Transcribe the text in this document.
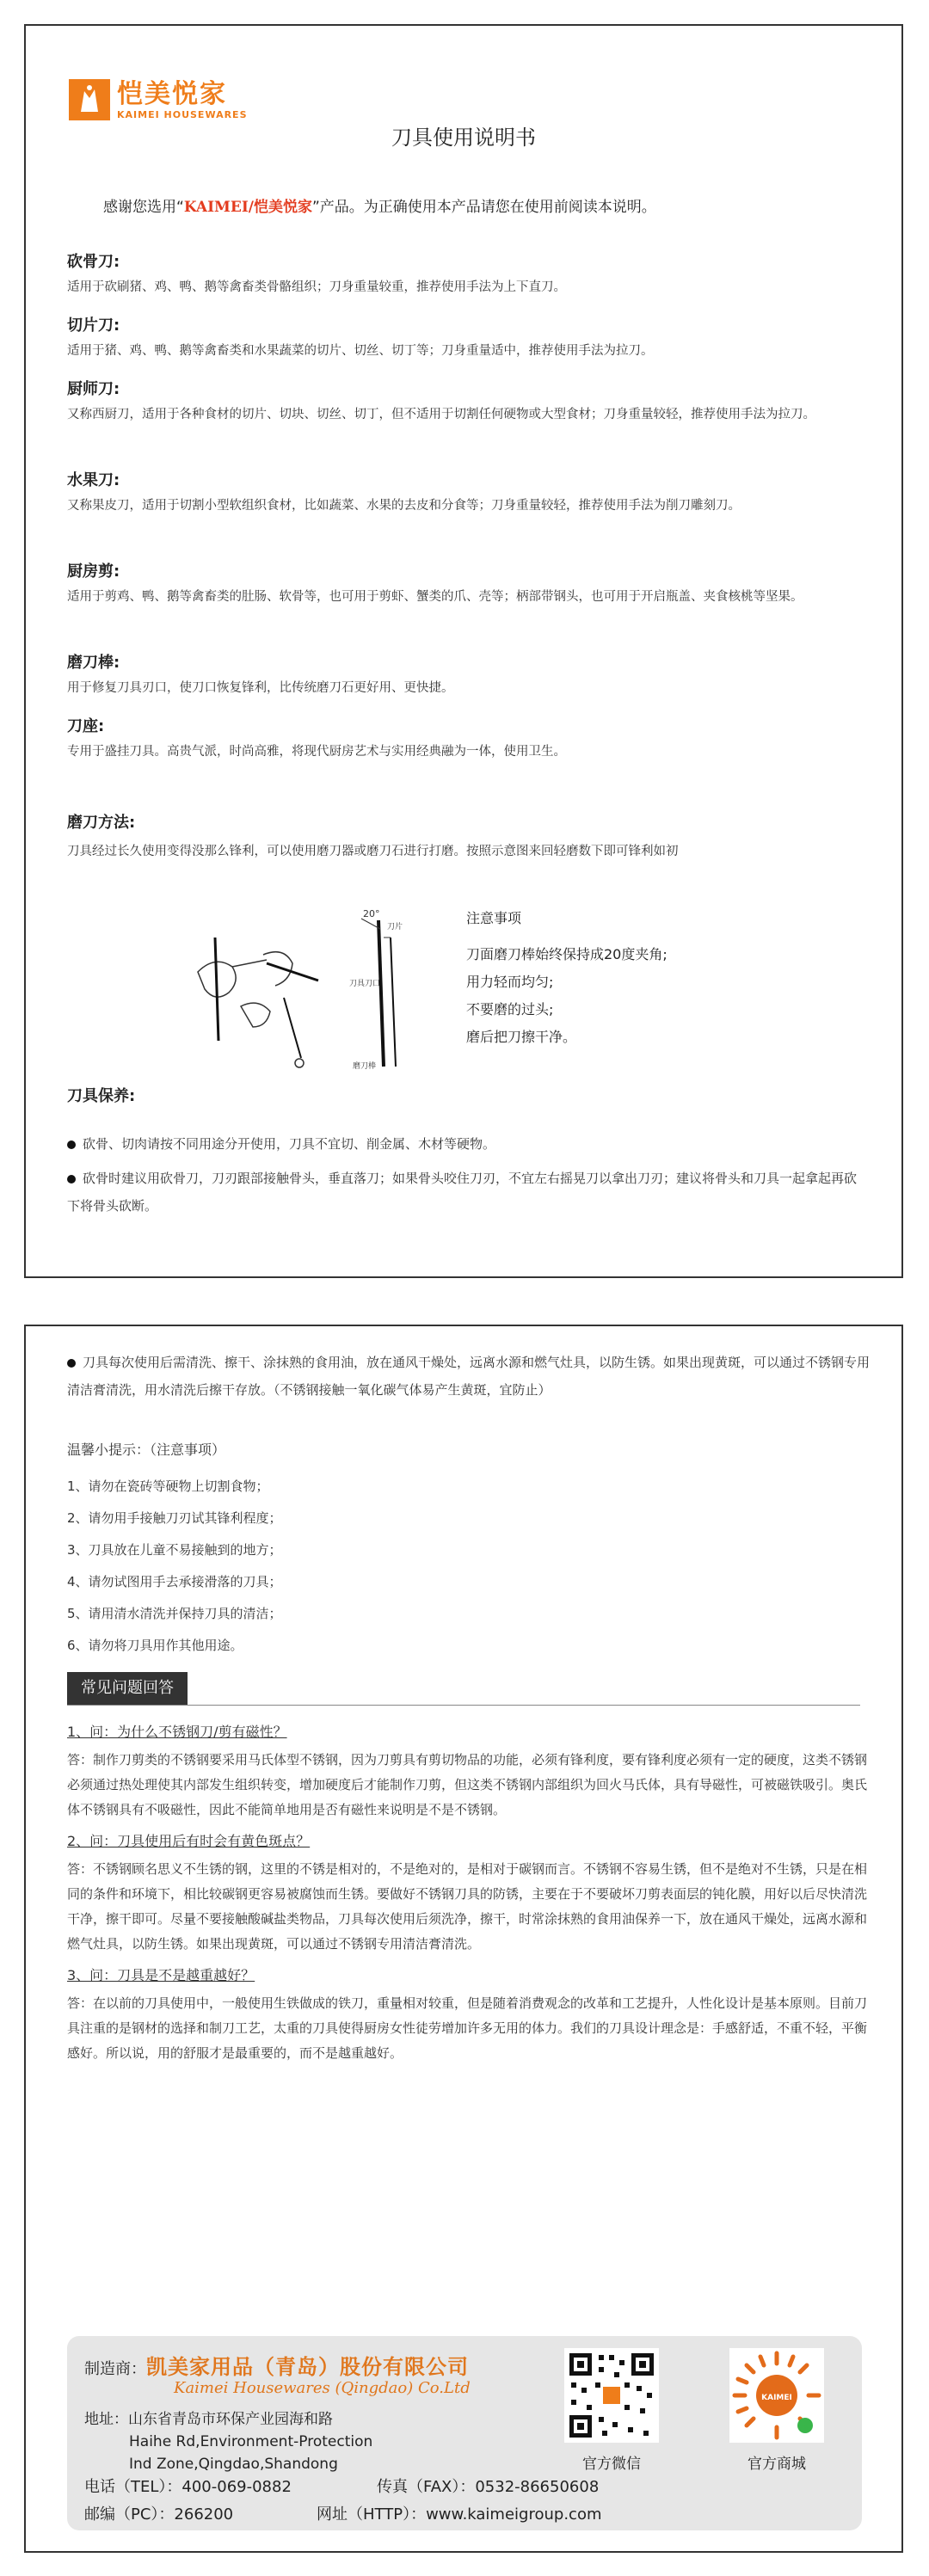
恺美悦家
KAIMEI HOUSEWARES
刀具使用说明书
感谢您选用“KAIMEI/恺美悦家”产品。为正确使用本产品请您在使用前阅读本说明。

砍骨刀:

适用于砍刷猪、鸡、鸭、鹅等禽畜类骨骼组织；刀身重量较重，推荐使用手法为上下直刀。

切片刀:

适用于猪、鸡、鸭、鹅等禽畜类和水果蔬菜的切片、切丝、切丁等；刀身重量适中，推荐使用手法为拉刀。

厨师刀:

又称西厨刀，适用于各种食材的切片、切块、切丝、切丁，但不适用于切割任何硬物或大型食材；刀身重量较轻，推荐使用手法为拉刀。

水果刀:

又称果皮刀，适用于切割小型软组织食材，比如蔬菜、水果的去皮和分食等；刀身重量较轻，推荐使用手法为削刀雕刻刀。

厨房剪:

适用于剪鸡、鸭、鹅等禽畜类的肚肠、软骨等，也可用于剪虾、蟹类的爪、壳等；柄部带钢头，也可用于开启瓶盖、夹食核桃等坚果。

磨刀棒:

用于修复刀具刃口，使刀口恢复锋利，比传统磨刀石更好用、更快捷。

刀座:

专用于盛挂刀具。高贵气派，时尚高雅，将现代厨房艺术与实用经典融为一体，使用卫生。

磨刀方法:

刀具经过长久使用变得没那么锋利，可以使用磨刀器或磨刀石进行打磨。按照示意图来回轻磨数下即可锋利如初

20°
刀具刀口
磨刀棒
刀片
注意事项
刀面磨刀棒始终保持成20度夹角;
用力轻而均匀;
不要磨的过头;
磨后把刀擦干净。

刀具保养:

砍骨、切肉请按不同用途分开使用，刀具不宜切、削金属、木材等硬物。
砍骨时建议用砍骨刀，刀刃跟部接触骨头，垂直落刀；如果骨头咬住刀刃，不宜左右摇晃刀以拿出刀刃；建议将骨头和刀具一起拿起再砍下将骨头砍断。
刀具每次使用后需清洗、擦干、涂抹熟的食用油，放在通风干燥处，远离水源和燃气灶具，以防生锈。如果出现黄斑，可以通过不锈钢专用清洁膏清洗，用水清洗后擦干存放。（不锈钢接触一氧化碳气体易产生黄斑，宜防止）
温馨小提示：（注意事项）
1、请勿在瓷砖等硬物上切割食物；
2、请勿用手接触刀刃试其锋利程度；
3、刀具放在儿童不易接触到的地方；
4、请勿试图用手去承接滑落的刀具；
5、请用清水清洗并保持刀具的清洁；
6、请勿将刀具用作其他用途。
常见问题回答
1、问：为什么不锈钢刀/剪有磁性？

答：制作刀剪类的不锈钢要采用马氏体型不锈钢，因为刀剪具有剪切物品的功能，必须有锋利度，要有锋利度必须有一定的硬度，这类不锈钢必须通过热处理使其内部发生组织转变，增加硬度后才能制作刀剪，但这类不锈钢内部组织为回火马氏体，具有导磁性，可被磁铁吸引。奥氏体不锈钢具有不吸磁性，因此不能简单地用是否有磁性来说明是不是不锈钢。

2、问：刀具使用后有时会有黄色斑点？

答：不锈钢顾名思义不生锈的钢，这里的不锈是相对的，不是绝对的，是相对于碳钢而言。不锈钢不容易生锈，但不是绝对不生锈，只是在相同的条件和环境下，相比较碳钢更容易被腐蚀而生锈。要做好不锈钢刀具的防锈，主要在于不要破坏刀剪表面层的钝化膜，用好以后尽快清洗干净，擦干即可。尽量不要接触酸碱盐类物品，刀具每次使用后须洗净，擦干，时常涂抹熟的食用油保养一下，放在通风干燥处，远离水源和燃气灶具，以防生锈。如果出现黄斑，可以通过不锈钢专用清洁膏清洗。

3、问：刀具是不是越重越好？

答：在以前的刀具使用中，一般使用生铁做成的铁刀，重量相对较重，但是随着消费观念的改革和工艺提升，人性化设计是基本原则。目前刀具注重的是钢材的选择和制刀工艺，太重的刀具使得厨房女性徒劳增加许多无用的体力。我们的刀具设计理念是：手感舒适，不重不轻，平衡感好。所以说，用的舒服才是最重要的，而不是越重越好。

制造商：凯美家用品（青岛）股份有限公司
Kaimei Housewares (Qingdao) Co.Ltd
地址：山东省青岛市环保产业园海和路
Haihe Rd,Environment-Protection
Ind Zone,Qingdao,Shandong
电话（TEL）：400-069-0882	传真（FAX）：0532-86650608
邮编（PC）：266200	网址（HTTP）：www.kaimeigroup.com
官方微信
KAIMEI
官方商城
